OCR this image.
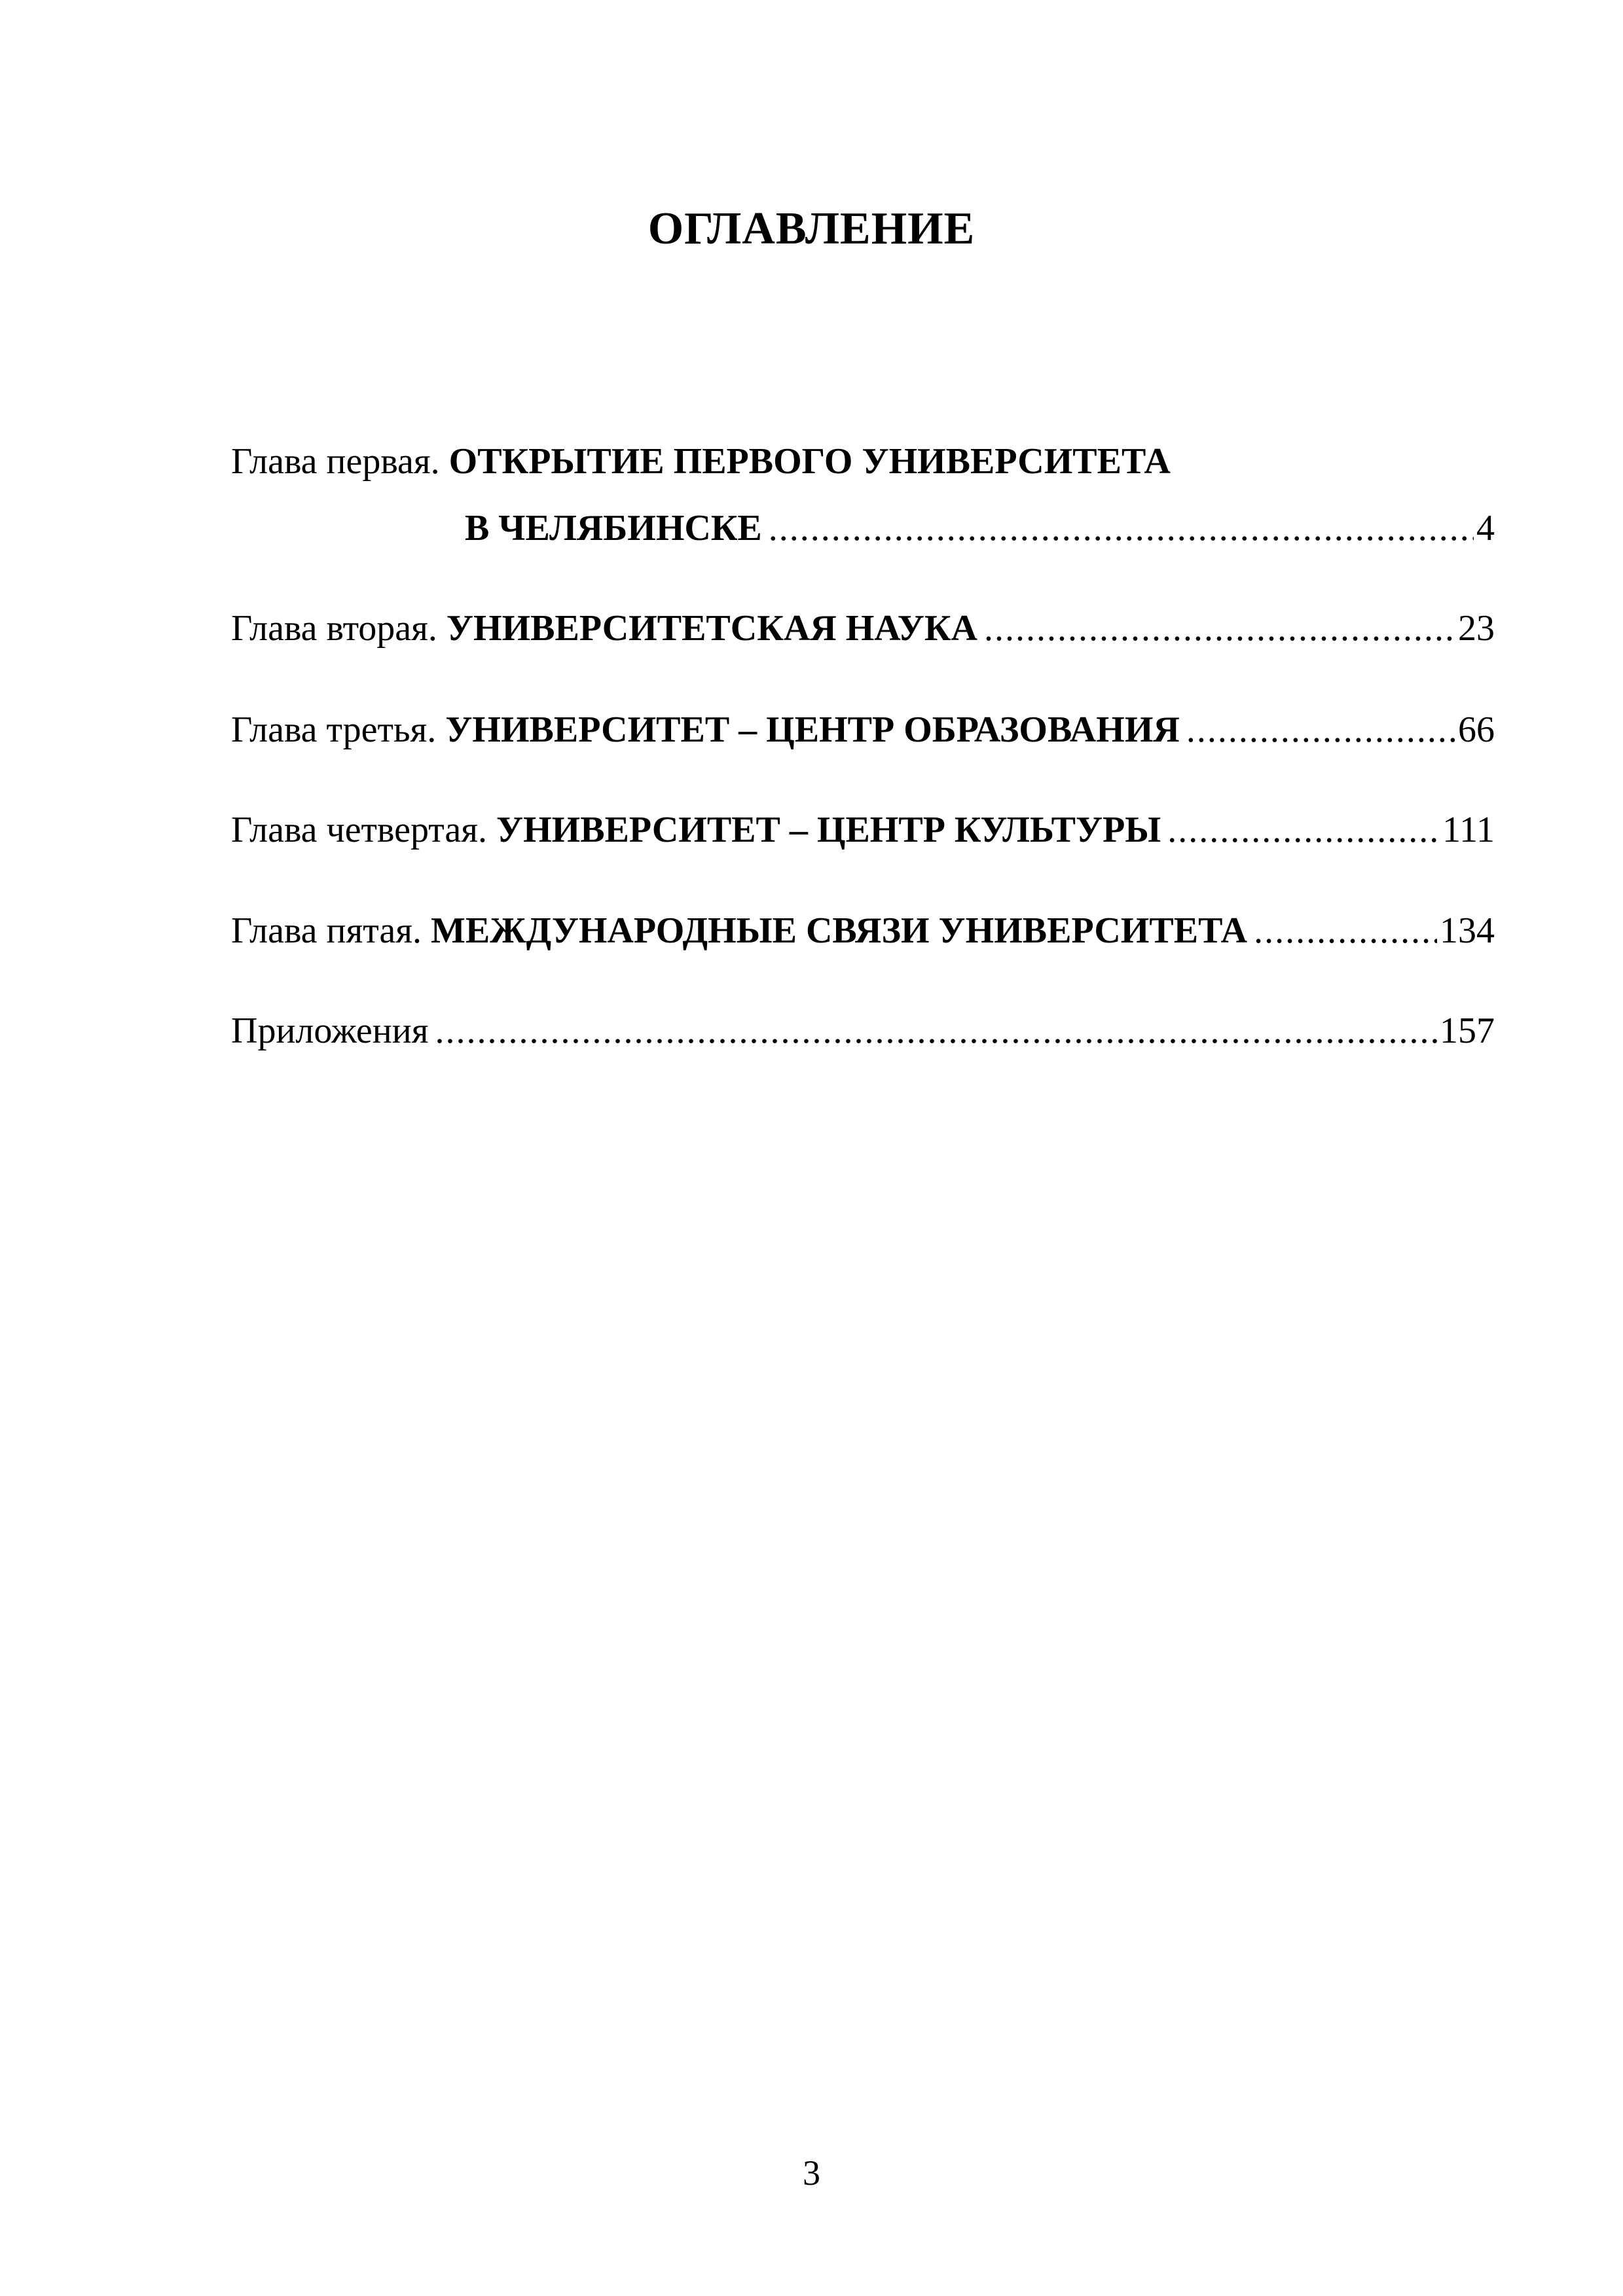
ОГЛАВЛЕНИЕ
Глава первая.
ОТКРЫТИЕ ПЕРВОГО УНИВЕРСИТЕТА
В ЧЕЛЯБИНСКЕ .....	4
Глава вторая.
УНИВЕРСИТЕТСКАЯ НАУКА .....	23
Глава третья.
УНИВЕРСИТЕТ – ЦЕНТР ОБРАЗОВАНИЯ .....	66
Глава четвертая.
УНИВЕРСИТЕТ – ЦЕНТР КУЛЬТУРЫ .....	111
Глава пятая.
МЕЖДУНАРОДНЫЕ СВЯЗИ УНИВЕРСИТЕТА .....	134
Приложения .....	157
3
